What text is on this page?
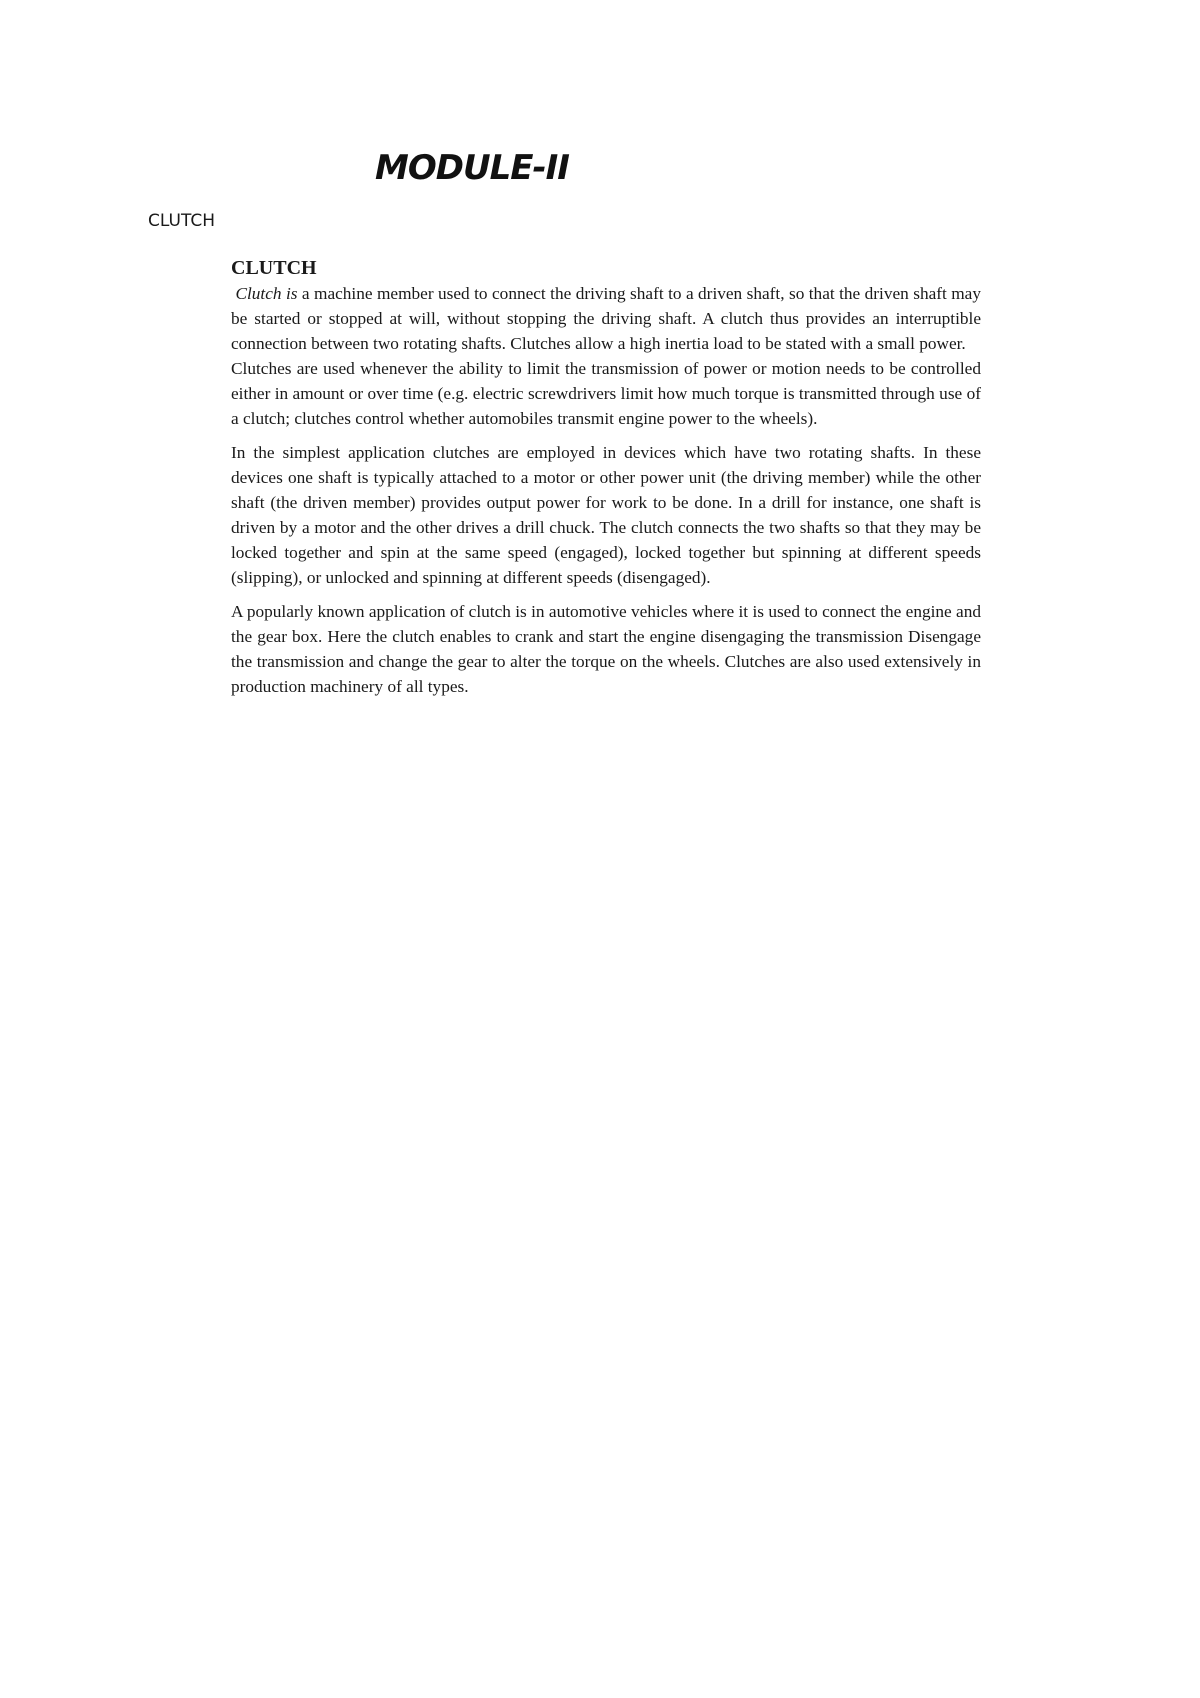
MODULE-II
CLUTCH
CLUTCH

Clutch is a machine member used to connect the driving shaft to a driven shaft, so that the driven shaft may be started or stopped at will, without stopping the driving shaft. A clutch thus provides an interruptible connection between two rotating shafts. Clutches allow a high inertia load to be stated with a small power.

Clutches are used whenever the ability to limit the transmission of power or motion needs to be controlled either in amount or over time (e.g. electric screwdrivers limit how much torque is transmitted through use of a clutch; clutches control whether automobiles transmit engine power to the wheels).

In the simplest application clutches are employed in devices which have two rotating shafts. In these devices one shaft is typically attached to a motor or other power unit (the driving member) while the other shaft (the driven member) provides output power for work to be done. In a drill for instance, one shaft is driven by a motor and the other drives a drill chuck. The clutch connects the two shafts so that they may be locked together and spin at the same speed (engaged), locked together but spinning at different speeds (slipping), or unlocked and spinning at different speeds (disengaged).

A popularly known application of clutch is in automotive vehicles where it is used to connect the engine and the gear box. Here the clutch enables to crank and start the engine disengaging the transmission Disengage the transmission and change the gear to alter the torque on the wheels. Clutches are also used extensively in production machinery of all types.
